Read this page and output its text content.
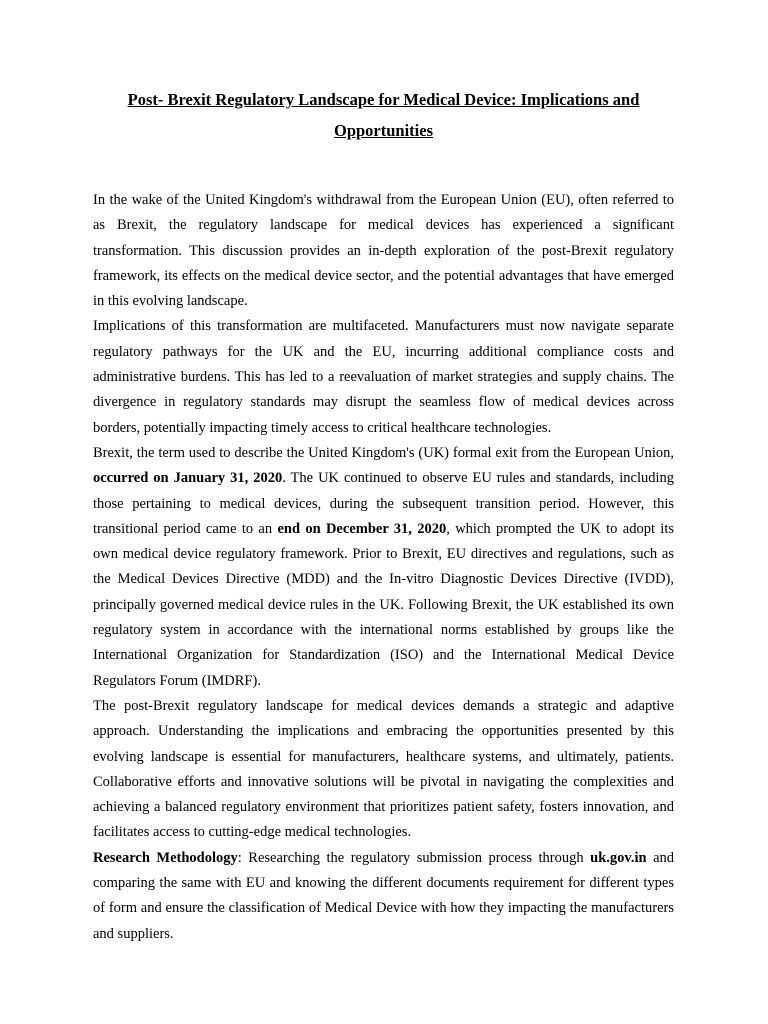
Post- Brexit Regulatory Landscape for Medical Device: Implications and Opportunities

In the wake of the United Kingdom's withdrawal from the European Union (EU), often referred to as Brexit, the regulatory landscape for medical devices has experienced a significant transformation. This discussion provides an in-depth exploration of the post-Brexit regulatory framework, its effects on the medical device sector, and the potential advantages that have emerged in this evolving landscape.

Implications of this transformation are multifaceted. Manufacturers must now navigate separate regulatory pathways for the UK and the EU, incurring additional compliance costs and administrative burdens. This has led to a reevaluation of market strategies and supply chains. The divergence in regulatory standards may disrupt the seamless flow of medical devices across borders, potentially impacting timely access to critical healthcare technologies.

Brexit, the term used to describe the United Kingdom's (UK) formal exit from the European Union, occurred on January 31, 2020. The UK continued to observe EU rules and standards, including those pertaining to medical devices, during the subsequent transition period. However, this transitional period came to an end on December 31, 2020, which prompted the UK to adopt its own medical device regulatory framework. Prior to Brexit, EU directives and regulations, such as the Medical Devices Directive (MDD) and the In-vitro Diagnostic Devices Directive (IVDD), principally governed medical device rules in the UK. Following Brexit, the UK established its own regulatory system in accordance with the international norms established by groups like the International Organization for Standardization (ISO) and the International Medical Device Regulators Forum (IMDRF).

The post-Brexit regulatory landscape for medical devices demands a strategic and adaptive approach. Understanding the implications and embracing the opportunities presented by this evolving landscape is essential for manufacturers, healthcare systems, and ultimately, patients. Collaborative efforts and innovative solutions will be pivotal in navigating the complexities and achieving a balanced regulatory environment that prioritizes patient safety, fosters innovation, and facilitates access to cutting-edge medical technologies.

Research Methodology: Researching the regulatory submission process through uk.gov.in and comparing the same with EU and knowing the different documents requirement for different types of form and ensure the classification of Medical Device with how they impacting the manufacturers and suppliers.
